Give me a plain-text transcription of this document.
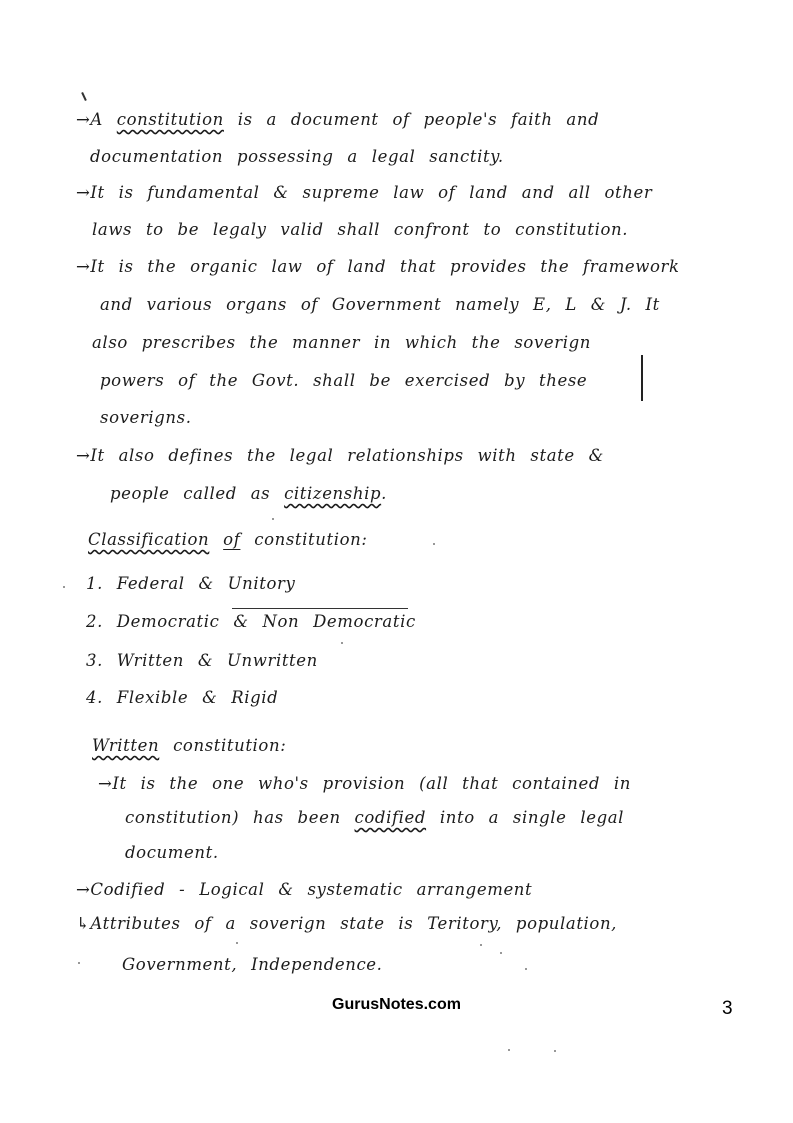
→A constitution is a document of people's faith and
documentation possessing a legal sanctity.
→It is fundamental & supreme law of land and all other
laws to be legaly valid shall confront to constitution.
→It is the organic law of land that provides the framework
and various organs of Government namely E, L & J. It
also prescribes the manner in which the soverign
powers of the Govt. shall be exercised by these
soverigns.
→It also defines the legal relationships with state &
people called as citizenship.
Classification of constitution:
1. Federal & Unitory
2. Democratic & Non Democratic
3. Written & Unwritten
4. Flexible & Rigid
Written constitution:
→It is the one who's provision (all that contained in
constitution) has been codified into a single legal
document.
→Codified - Logical & systematic arrangement
↳Attributes of a soverign state is Teritory, population,
Government, Independence.
GurusNotes.com	3
